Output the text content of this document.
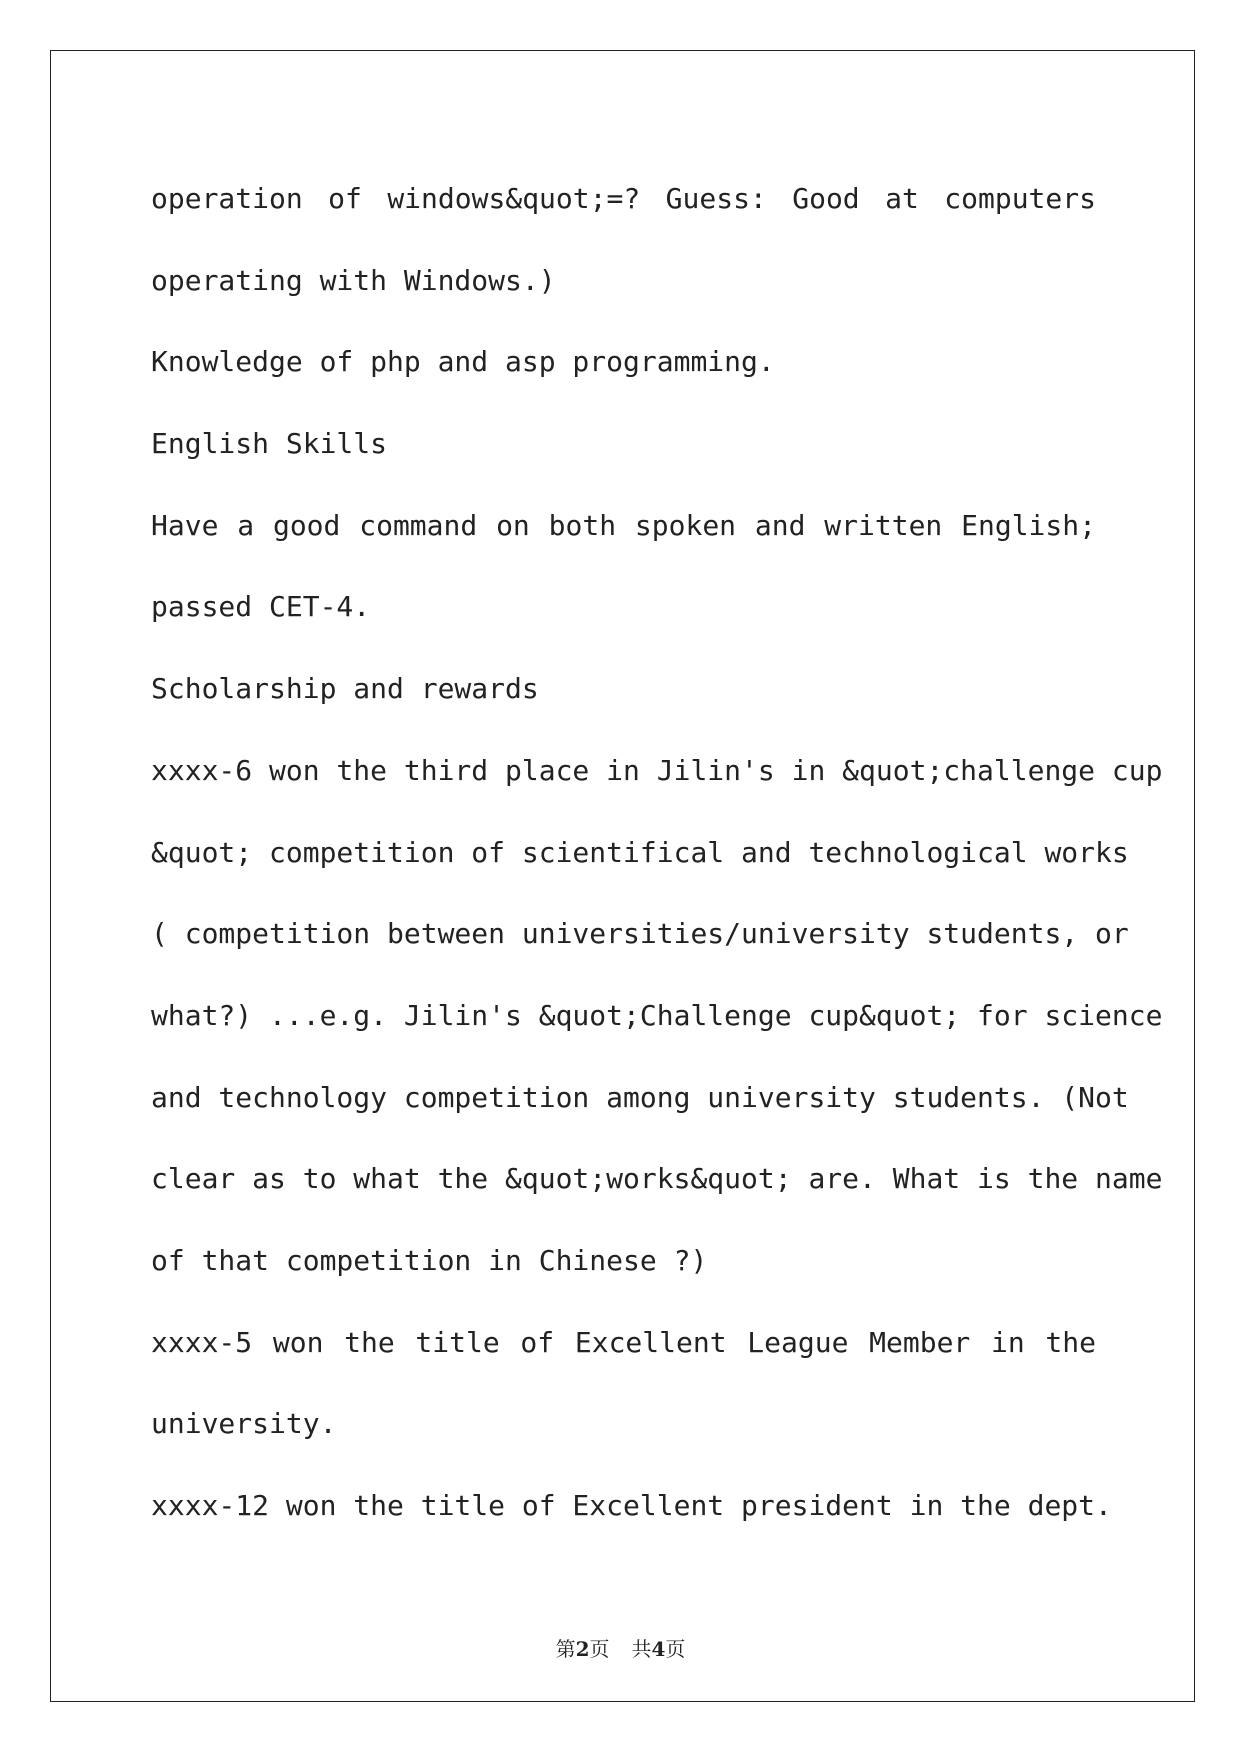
operation of windows&quot;=? Guess: Good at computers
operating with Windows.)
Knowledge of php and asp programming.
English Skills
Have a good command on both spoken and written English;
passed CET-4.
Scholarship and rewards
xxxx-6 won the third place in Jilin's in &quot;challenge cup
&quot; competition of scientifical and technological works
( competition between universities/university students, or
what?) ...e.g. Jilin's &quot;Challenge cup&quot; for science
and technology competition among university students. (Not
clear as to what the &quot;works&quot; are. What is the name
of that competition in Chinese ?)
xxxx-5 won the title of Excellent League Member in the
university.
xxxx-12 won the title of Excellent president in the dept.
第2页 共4页
